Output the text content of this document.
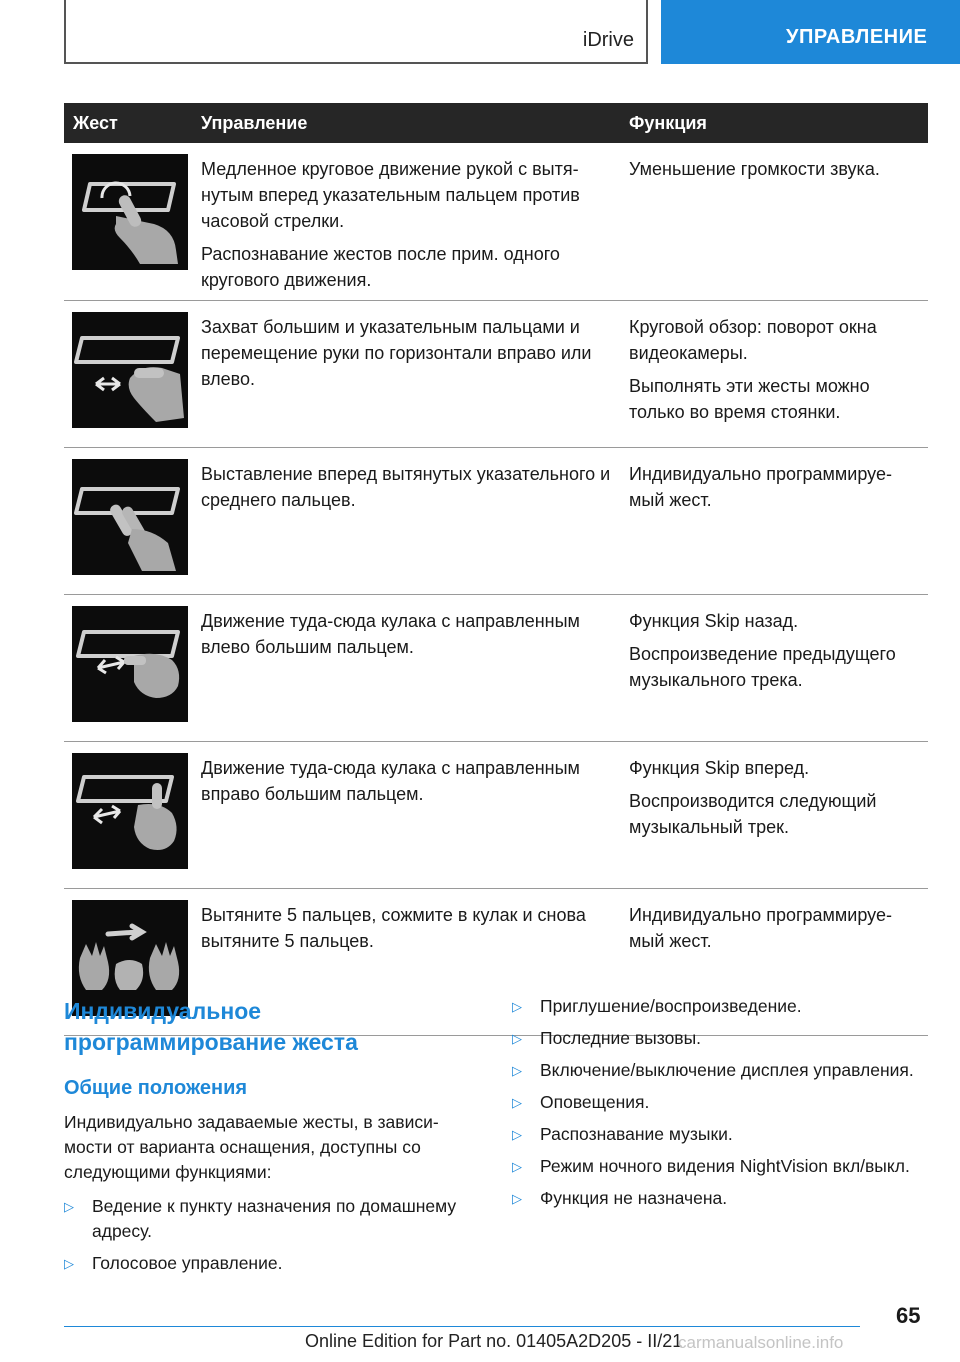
iDrive	УПРАВЛЕНИЕ
Жест	Управление	Функция

Медленное круговое движение рукой с вытянутым вперед указательным пальцем против часовой стрелки.

Распознавание жестов после прим. одного кругового движения.	Уменьшение громкости звука.

Захват большим и указательным пальцами и перемещение руки по горизонтали вправо или влево.	Круговой обзор: поворот окна видеокамеры.

Выполнять эти жесты можно только во время стоянки.

Выставление вперед вытянутых указательного и среднего пальцев.	Индивидуально программируемый жест.

Движение туда-сюда кулака с направленным влево большим пальцем.	Функция Skip назад.

Воспроизведение предыдущего музыкального трека.

Движение туда-сюда кулака с направленным вправо большим пальцем.	Функция Skip вперед.

Воспроизводится следующий музыкальный трек.

Вытяните 5 пальцев, сожмите в кулак и снова вытяните 5 пальцев.	Индивидуально программируемый жест.

Индивидуальное программирование жеста
Общие положения
Индивидуально задаваемые жесты, в зависимости от варианта оснащения, доступны со следующими функциями:
▷ Ведение к пункту назначения по домашнему адресу.
▷ Голосовое управление.
▷ Приглушение/воспроизведение.
▷ Последние вызовы.
▷ Включение/выключение дисплея управления.
▷ Оповещения.
▷ Распознавание музыки.
▷ Режим ночного видения NightVision вкл/выкл.
▷ Функция не назначена.
65
Online Edition for Part no. 01405A2D205 - II/21
carmanualsonline.info
